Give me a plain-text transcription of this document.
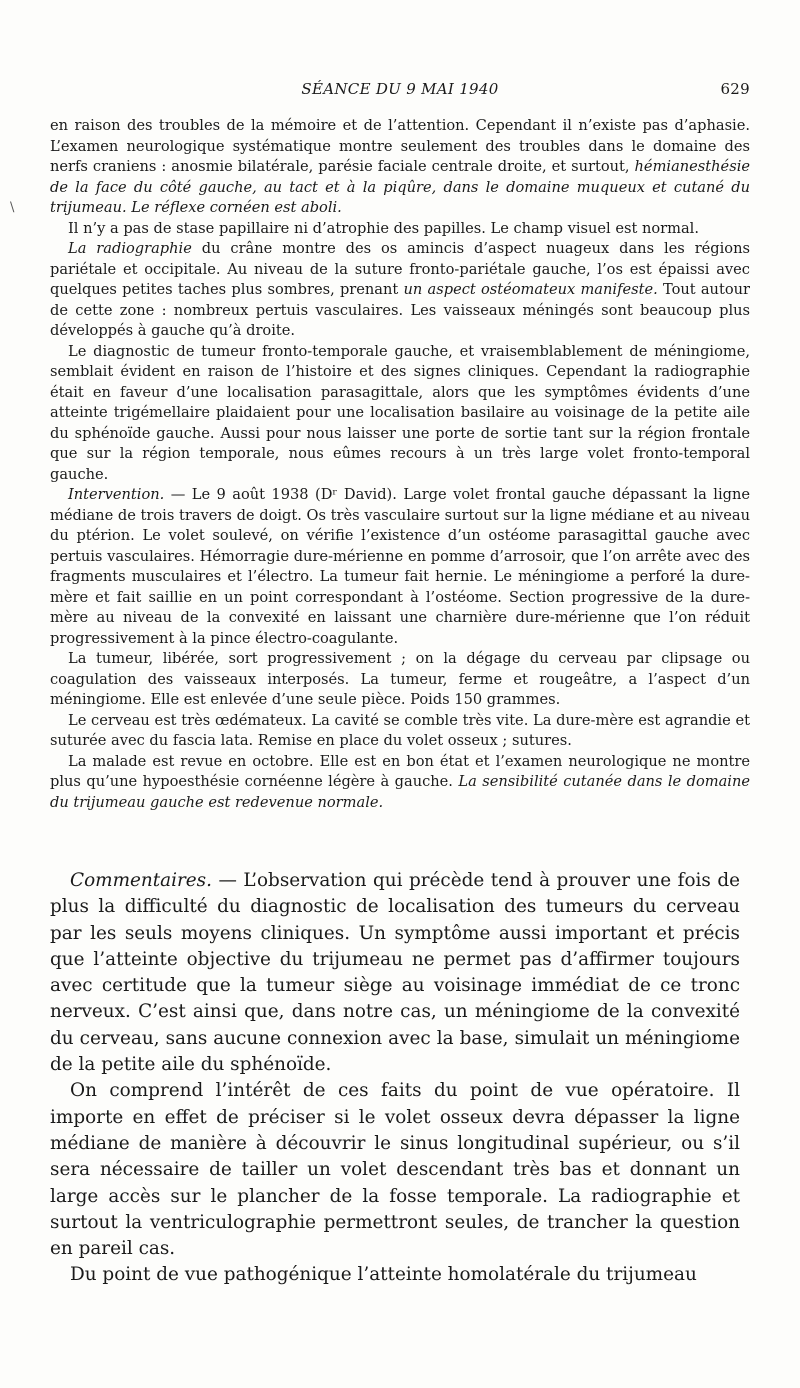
SÉANCE DU 9 MAI 1940	629
\

en raison des troubles de la mémoire et de l’attention. Cependant il n’existe pas d’aphasie. L’examen neurologique systématique montre seulement des troubles dans le domaine des nerfs craniens : anosmie bilatérale, parésie faciale centrale droite, et surtout, hémianesthésie de la face du côté gauche, au tact et à la piqûre, dans le domaine muqueux et cutané du trijumeau. Le réflexe cornéen est aboli.

Il n’y a pas de stase papillaire ni d’atrophie des papilles. Le champ visuel est normal.

La radiographie du crâne montre des os amincis d’aspect nuageux dans les régions pariétale et occipitale. Au niveau de la suture fronto-pariétale gauche, l’os est épaissi avec quelques petites taches plus sombres, prenant un aspect ostéomateux manifeste. Tout autour de cette zone : nombreux pertuis vasculaires. Les vaisseaux méningés sont beaucoup plus développés à gauche qu’à droite.

Le diagnostic de tumeur fronto-temporale gauche, et vraisemblablement de méningiome, semblait évident en raison de l’histoire et des signes cliniques. Cependant la radiographie était en faveur d’une localisation parasagittale, alors que les symptômes évidents d’une atteinte trigémellaire plaidaient pour une localisation basilaire au voisinage de la petite aile du sphénoïde gauche. Aussi pour nous laisser une porte de sortie tant sur la région frontale que sur la région temporale, nous eûmes recours à un très large volet fronto-temporal gauche.

Intervention. — Le 9 août 1938 (Dʳ David). Large volet frontal gauche dépassant la ligne médiane de trois travers de doigt. Os très vasculaire surtout sur la ligne médiane et au niveau du ptérion. Le volet soulevé, on vérifie l’existence d’un ostéome parasagittal gauche avec pertuis vasculaires. Hémorragie dure-mérienne en pomme d’arrosoir, que l’on arrête avec des fragments musculaires et l’électro. La tumeur fait hernie. Le méningiome a perforé la dure-mère et fait saillie en un point correspondant à l’ostéome. Section progressive de la dure-mère au niveau de la convexité en laissant une charnière dure-mérienne que l’on réduit progressivement à la pince électro-coagulante.

La tumeur, libérée, sort progressivement ; on la dégage du cerveau par clipsage ou coagulation des vaisseaux interposés. La tumeur, ferme et rougeâtre, a l’aspect d’un méningiome. Elle est enlevée d’une seule pièce. Poids 150 grammes.

Le cerveau est très œdémateux. La cavité se comble très vite. La dure-mère est agrandie et suturée avec du fascia lata. Remise en place du volet osseux ; sutures.

La malade est revue en octobre. Elle est en bon état et l’examen neurologique ne montre plus qu’une hypoesthésie cornéenne légère à gauche. La sensibilité cutanée dans le domaine du trijumeau gauche est redevenue normale.

Commentaires. — L’observation qui précède tend à prouver une fois de plus la difficulté du diagnostic de localisation des tumeurs du cerveau par les seuls moyens cliniques. Un symptôme aussi important et précis que l’atteinte objective du trijumeau ne permet pas d’affirmer toujours avec certitude que la tumeur siège au voisinage immédiat de ce tronc nerveux. C’est ainsi que, dans notre cas, un méningiome de la convexité du cerveau, sans aucune connexion avec la base, simulait un méningiome de la petite aile du sphénoïde.

On comprend l’intérêt de ces faits du point de vue opératoire. Il importe en effet de préciser si le volet osseux devra dépasser la ligne médiane de manière à découvrir le sinus longitudinal supérieur, ou s’il sera nécessaire de tailler un volet descendant très bas et donnant un large accès sur le plancher de la fosse temporale. La radiographie et surtout la ventriculographie permettront seules, de trancher la question en pareil cas.

Du point de vue pathogénique l’atteinte homolatérale du trijumeau
